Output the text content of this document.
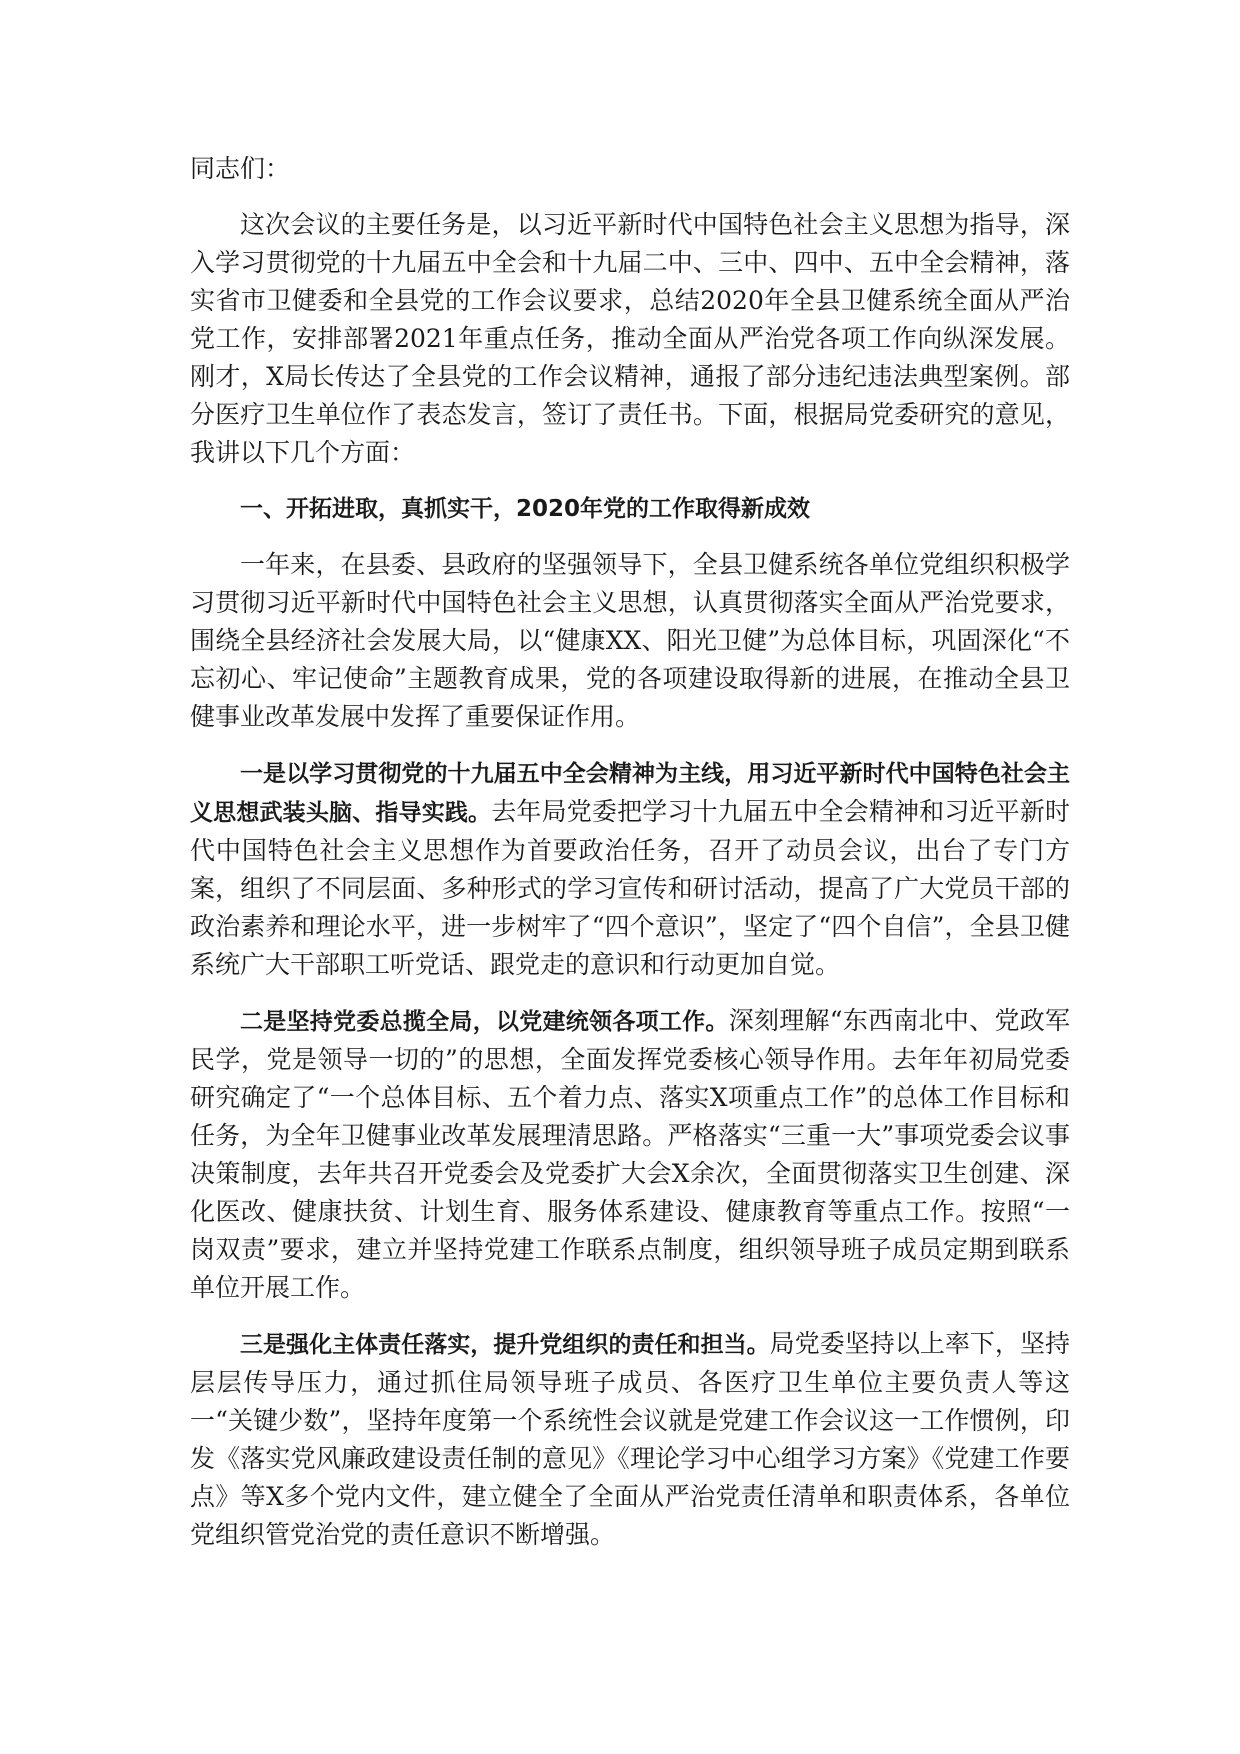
同志们：

这次会议的主要任务是，以习近平新时代中国特色社会主义思想为指导，深入学习贯彻党的十九届五中全会和十九届二中、三中、四中、五中全会精神，落实省市卫健委和全县党的工作会议要求，总结2020年全县卫健系统全面从严治党工作，安排部署2021年重点任务，推动全面从严治党各项工作向纵深发展。刚才，X局长传达了全县党的工作会议精神，通报了部分违纪违法典型案例。部分医疗卫生单位作了表态发言，签订了责任书。下面，根据局党委研究的意见，我讲以下几个方面：

一、开拓进取，真抓实干，2020年党的工作取得新成效

一年来，在县委、县政府的坚强领导下，全县卫健系统各单位党组织积极学习贯彻习近平新时代中国特色社会主义思想，认真贯彻落实全面从严治党要求，围绕全县经济社会发展大局，以“健康XX、阳光卫健”为总体目标，巩固深化“不忘初心、牢记使命”主题教育成果，党的各项建设取得新的进展，在推动全县卫健事业改革发展中发挥了重要保证作用。

一是以学习贯彻党的十九届五中全会精神为主线，用习近平新时代中国特色社会主义思想武装头脑、指导实践。去年局党委把学习十九届五中全会精神和习近平新时代中国特色社会主义思想作为首要政治任务，召开了动员会议，出台了专门方案，组织了不同层面、多种形式的学习宣传和研讨活动，提高了广大党员干部的政治素养和理论水平，进一步树牢了“四个意识”，坚定了“四个自信”，全县卫健系统广大干部职工听党话、跟党走的意识和行动更加自觉。

二是坚持党委总揽全局，以党建统领各项工作。深刻理解“东西南北中、党政军民学，党是领导一切的”的思想，全面发挥党委核心领导作用。去年年初局党委研究确定了“一个总体目标、五个着力点、落实X项重点工作”的总体工作目标和任务，为全年卫健事业改革发展理清思路。严格落实“三重一大”事项党委会议事决策制度，去年共召开党委会及党委扩大会X余次，全面贯彻落实卫生创建、深化医改、健康扶贫、计划生育、服务体系建设、健康教育等重点工作。按照“一岗双责”要求，建立并坚持党建工作联系点制度，组织领导班子成员定期到联系单位开展工作。

三是强化主体责任落实，提升党组织的责任和担当。局党委坚持以上率下，坚持层层传导压力，通过抓住局领导班子成员、各医疗卫生单位主要负责人等这一“关键少数”，坚持年度第一个系统性会议就是党建工作会议这一工作惯例，印发《落实党风廉政建设责任制的意见》《理论学习中心组学习方案》《党建工作要点》等X多个党内文件，建立健全了全面从严治党责任清单和职责体系，各单位党组织管党治党的责任意识不断增强。
